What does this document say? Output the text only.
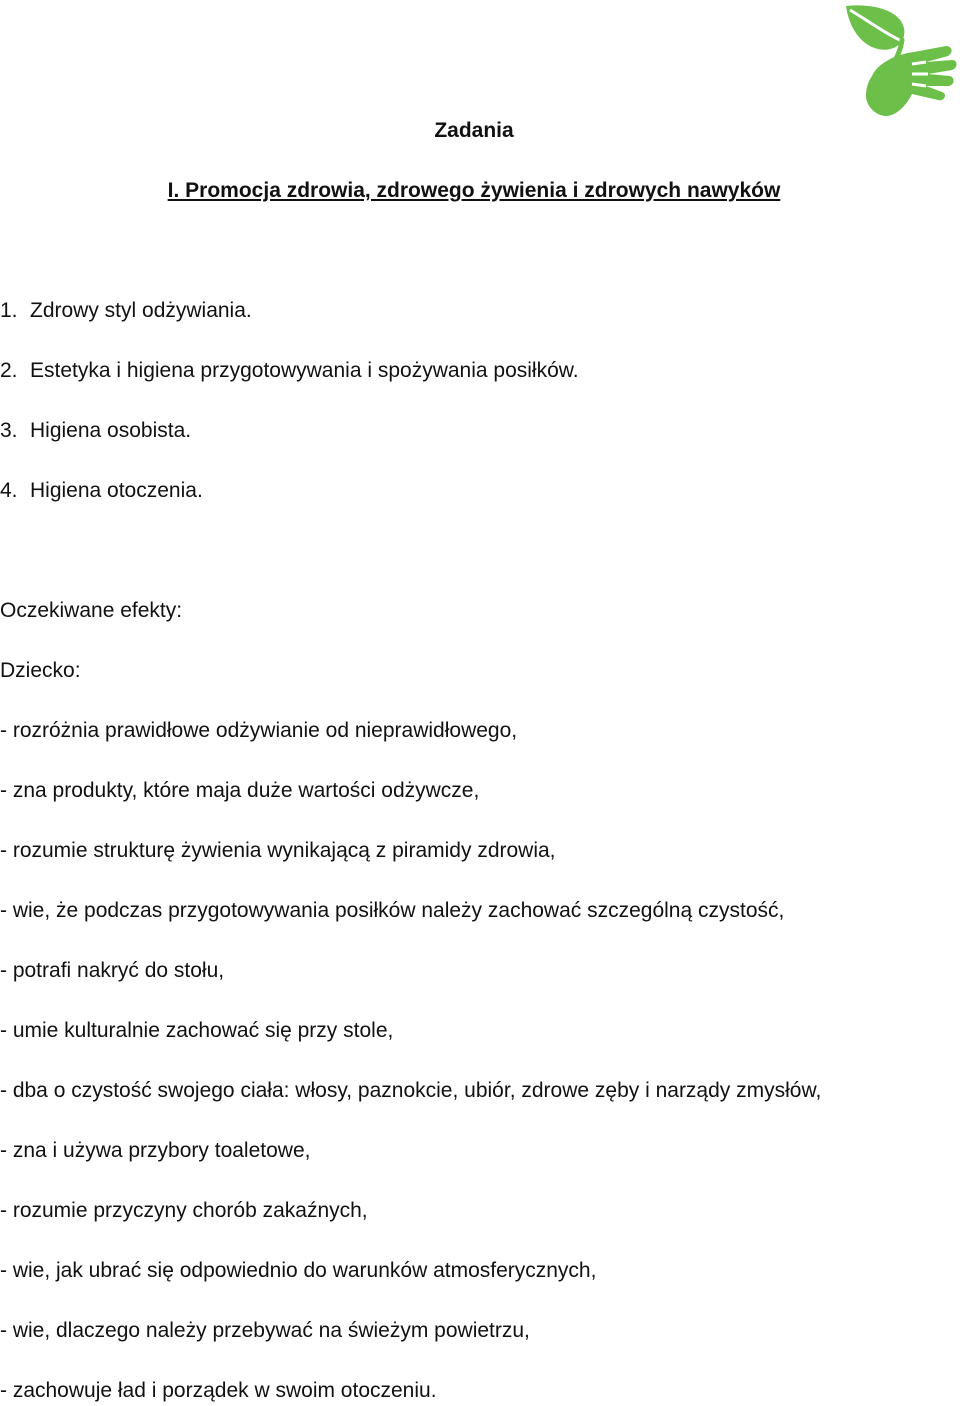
Zadania
I. Promocja zdrowia, zdrowego żywienia i zdrowych nawyków
1. Zdrowy styl odżywiania.
2. Estetyka i higiena przygotowywania i spożywania posiłków.
3. Higiena osobista.
4. Higiena otoczenia.
Oczekiwane efekty:
Dziecko:
- rozróżnia prawidłowe odżywianie od nieprawidłowego,
- zna produkty, które maja duże wartości odżywcze,
- rozumie strukturę żywienia wynikającą z piramidy zdrowia,
- wie, że podczas przygotowywania posiłków należy zachować szczególną czystość,
- potrafi nakryć do stołu,
- umie kulturalnie zachować się przy stole,
- dba o czystość swojego ciała: włosy, paznokcie, ubiór, zdrowe zęby i narządy zmysłów,
- zna i używa przybory toaletowe,
- rozumie przyczyny chorób zakaźnych,
- wie, jak ubrać się odpowiednio do warunków atmosferycznych,
- wie, dlaczego należy przebywać na świeżym powietrzu,
- zachowuje ład i porządek w swoim otoczeniu.
